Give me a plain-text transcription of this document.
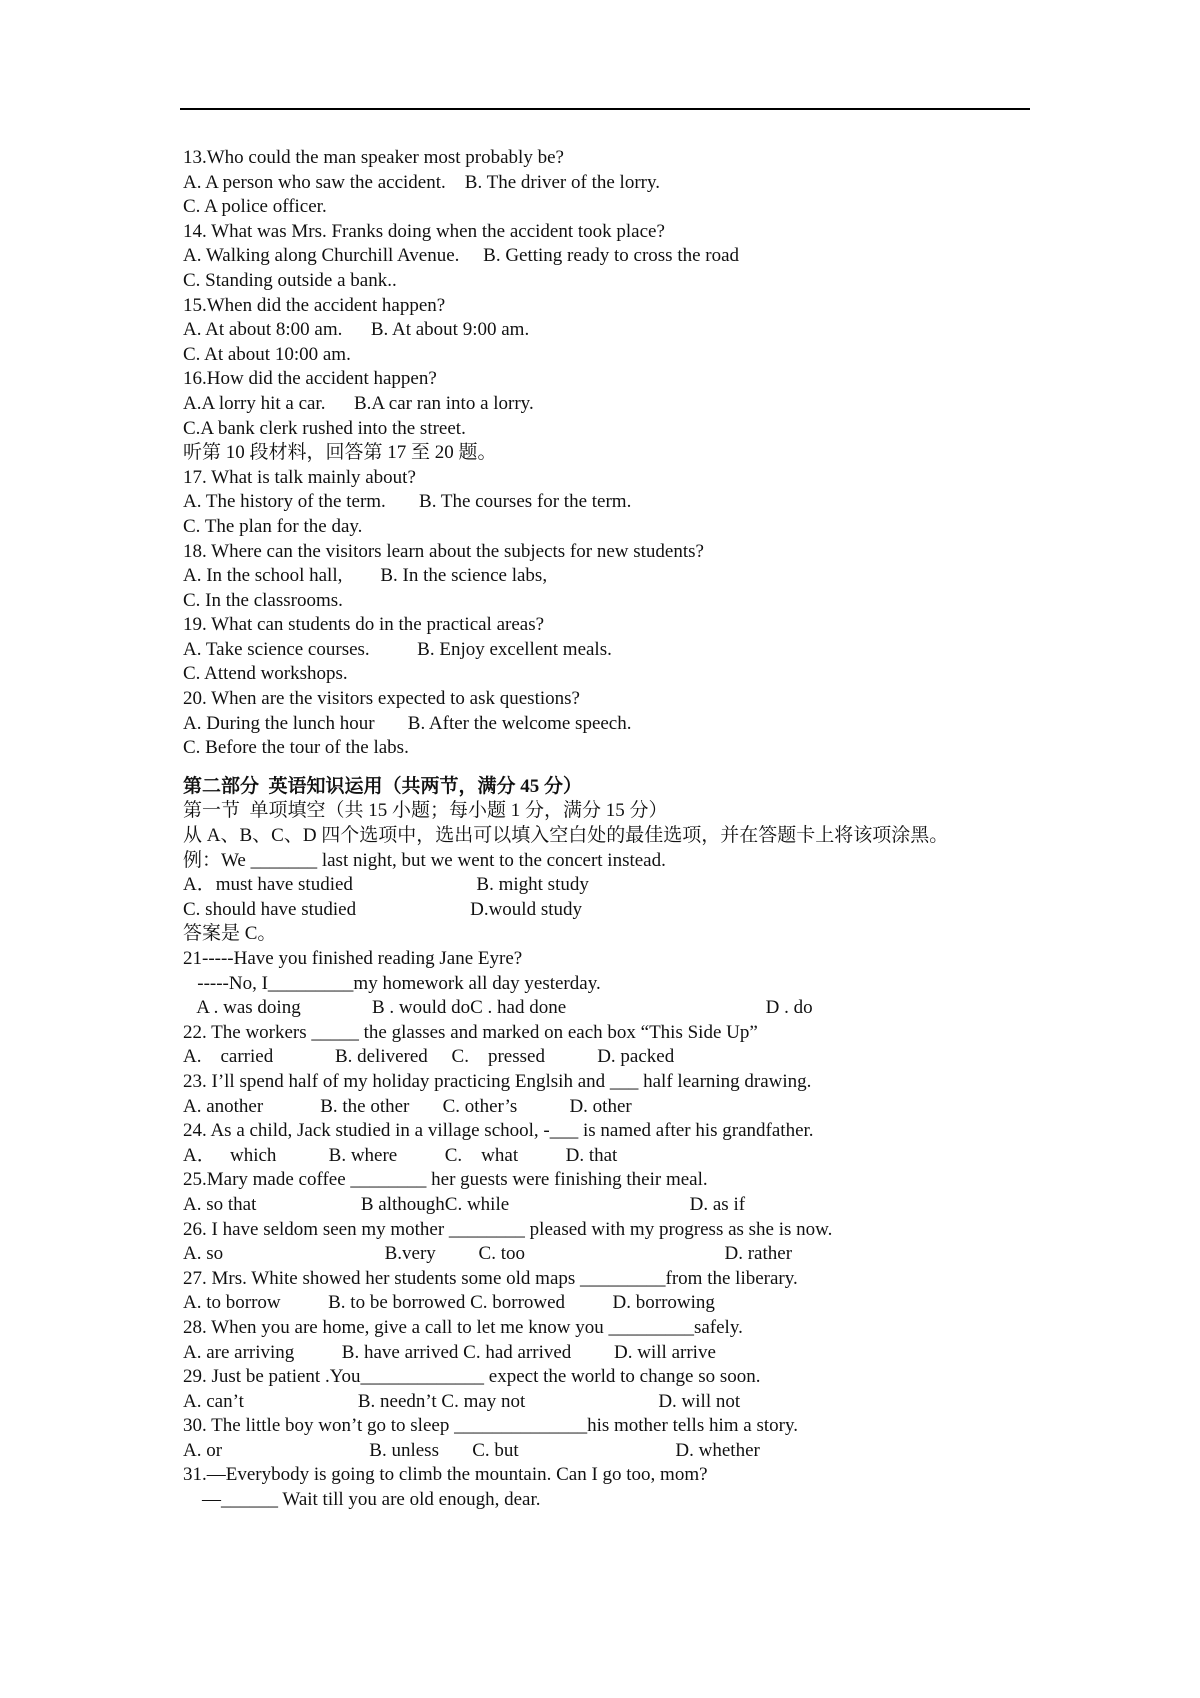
13.Who could the man speaker most probably be?
A. A person who saw the accident.    B. The driver of the lorry.
C. A police officer.
14. What was Mrs. Franks doing when the accident took place?
A. Walking along Churchill Avenue.     B. Getting ready to cross the road
C. Standing outside a bank..
15.When did the accident happen?
A. At about 8:00 am.      B. At about 9:00 am.
C. At about 10:00 am.
16.How did the accident happen?
A.A lorry hit a car.      B.A car ran into a lorry.
C.A bank clerk rushed into the street.
听第 10 段材料，回答第 17 至 20 题。
17. What is talk mainly about?
A. The history of the term.       B. The courses for the term.
C. The plan for the day.
18. Where can the visitors learn about the subjects for new students?
A. In the school hall,        B. In the science labs,
C. In the classrooms.
19. What can students do in the practical areas?
A. Take science courses.          B. Enjoy excellent meals.
C. Attend workshops.
20. When are the visitors expected to ask questions?
A. During the lunch hour       B. After the welcome speech.
C. Before the tour of the labs.
第二部分  英语知识运用（共两节，满分 45 分）
第一节  单项填空（共 15 小题；每小题 1 分，满分 15 分）
从 A、B、C、D 四个选项中，选出可以填入空白处的最佳选项，并在答题卡上将该项涂黑。
例：We _______ last night, but we went to the concert instead.
A．must have studied                          B. might study
C. should have studied                        D.would study
答案是 C。
21-----Have you finished reading Jane Eyre?
-----No, I_________my homework all day yesterday.
A . was doing               B . would doC . had done                                          D . do
22. The workers _____ the glasses and marked on each box “This Side Up”
A.    carried             B. delivered     C.    pressed           D. packed
23. I’ll spend half of my holiday practicing Englsih and ___ half learning drawing.
A. another            B. the other       C. other’s           D. other
24. As a child, Jack studied in a village school, -___ is named after his grandfather.
A．   which           B. where          C.    what          D. that
25.Mary made coffee ________ her guests were finishing their meal.
A. so that                      B althoughC. while                                      D. as if
26. I have seldom seen my mother ________ pleased with my progress as she is now.
A. so                                  B.very         C. too                                          D. rather
27. Mrs. White showed her students some old maps _________from the liberary.
A. to borrow          B. to be borrowed C. borrowed          D. borrowing
28. When you are home, give a call to let me know you _________safely.
A. are arriving          B. have arrived C. had arrived         D. will arrive
29. Just be patient .You_____________ expect the world to change so soon.
A. can’t                        B. needn’t C. may not                            D. will not
30. The little boy won’t go to sleep ______________his mother tells him a story.
A. or                               B. unless       C. but                                 D. whether
31.—Everybody is going to climb the mountain. Can I go too, mom?
—______ Wait till you are old enough, dear.
